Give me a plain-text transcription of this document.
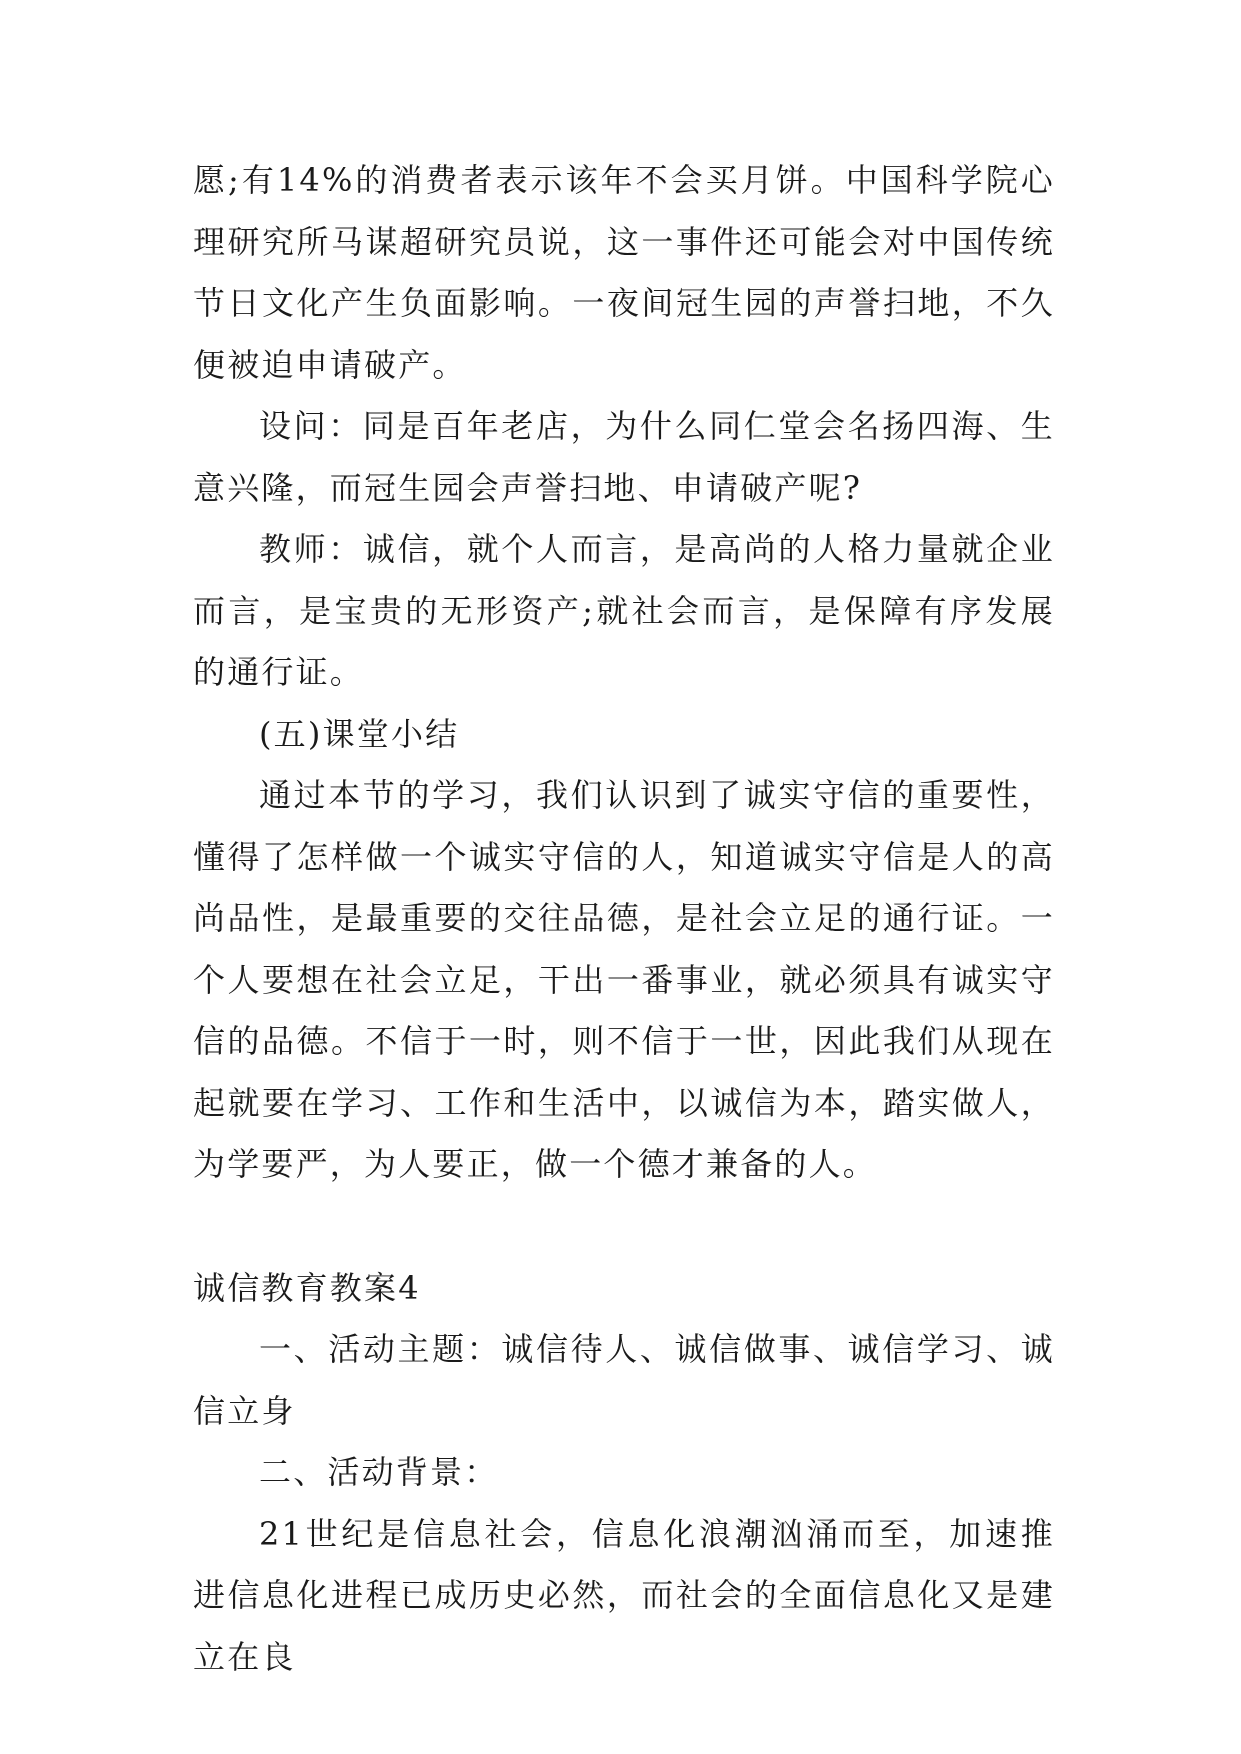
愿;有14%的消费者表示该年不会买月饼。中国科学院心理研究所马谋超研究员说，这一事件还可能会对中国传统节日文化产生负面影响。一夜间冠生园的声誉扫地，不久便被迫申请破产。

设问：同是百年老店，为什么同仁堂会名扬四海、生意兴隆，而冠生园会声誉扫地、申请破产呢?

教师：诚信，就个人而言，是高尚的人格力量就企业而言，是宝贵的无形资产;就社会而言，是保障有序发展的通行证。

(五)课堂小结

通过本节的学习，我们认识到了诚实守信的重要性，懂得了怎样做一个诚实守信的人，知道诚实守信是人的高尚品性，是最重要的交往品德，是社会立足的通行证。一个人要想在社会立足，干出一番事业，就必须具有诚实守信的品德。不信于一时，则不信于一世，因此我们从现在起就要在学习、工作和生活中，以诚信为本，踏实做人，为学要严，为人要正，做一个德才兼备的人。

诚信教育教案4

一、活动主题：诚信待人、诚信做事、诚信学习、诚信立身

二、活动背景：

21世纪是信息社会，信息化浪潮汹涌而至，加速推进信息化进程已成历史必然，而社会的全面信息化又是建立在良
